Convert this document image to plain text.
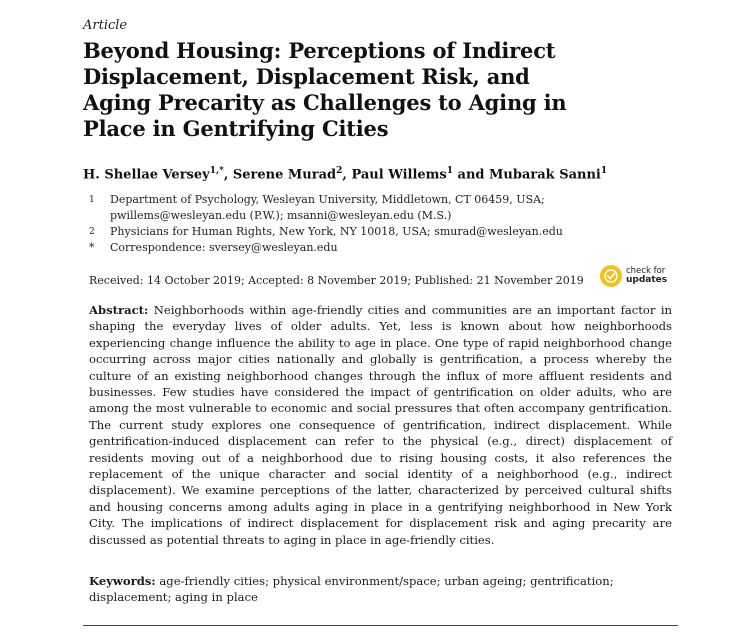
Article
Beyond Housing: Perceptions of Indirect Displacement, Displacement Risk, and Aging Precarity as Challenges to Aging in Place in Gentrifying Cities
H. Shellae Versey$^{1,*}$, Serene Murad$^2$, Paul Willems$^1$ and Mubarak Sanni$^1$
1 Department of Psychology, Wesleyan University, Middletown, CT 06459, USA;
pwillems@wesleyan.edu (P.W.); msanni@wesleyan.edu (M.S.)
2 Physicians for Human Rights, New York, NY 10018, USA; smurad@wesleyan.edu
* Correspondence: sversey@wesleyan.edu
Received: 14 October 2019; Accepted: 8 November 2019; Published: 21 November 2019
check for
updates
Abstract: Neighborhoods within age-friendly cities and communities are an important factor in shaping the everyday lives of older adults. Yet, less is known about how neighborhoods experiencing change influence the ability to age in place. One type of rapid neighborhood change occurring across major cities nationally and globally is gentrification, a process whereby the culture of an existing neighborhood changes through the influx of more affluent residents and businesses. Few studies have considered the impact of gentrification on older adults, who are among the most vulnerable to economic and social pressures that often accompany gentrification. The current study explores one consequence of gentrification, indirect displacement. While gentrification-induced displacement can refer to the physical (e.g., direct) displacement of residents moving out of a neighborhood due to rising housing costs, it also references the replacement of the unique character and social identity of a neighborhood (e.g., indirect displacement). We examine perceptions of the latter, characterized by perceived cultural shifts and housing concerns among adults aging in place in a gentrifying neighborhood in New York City. The implications of indirect displacement for displacement risk and aging precarity are discussed as potential threats to aging in place in age-friendly cities.
Keywords: age-friendly cities; physical environment/space; urban ageing; gentrification; displacement; aging in place
